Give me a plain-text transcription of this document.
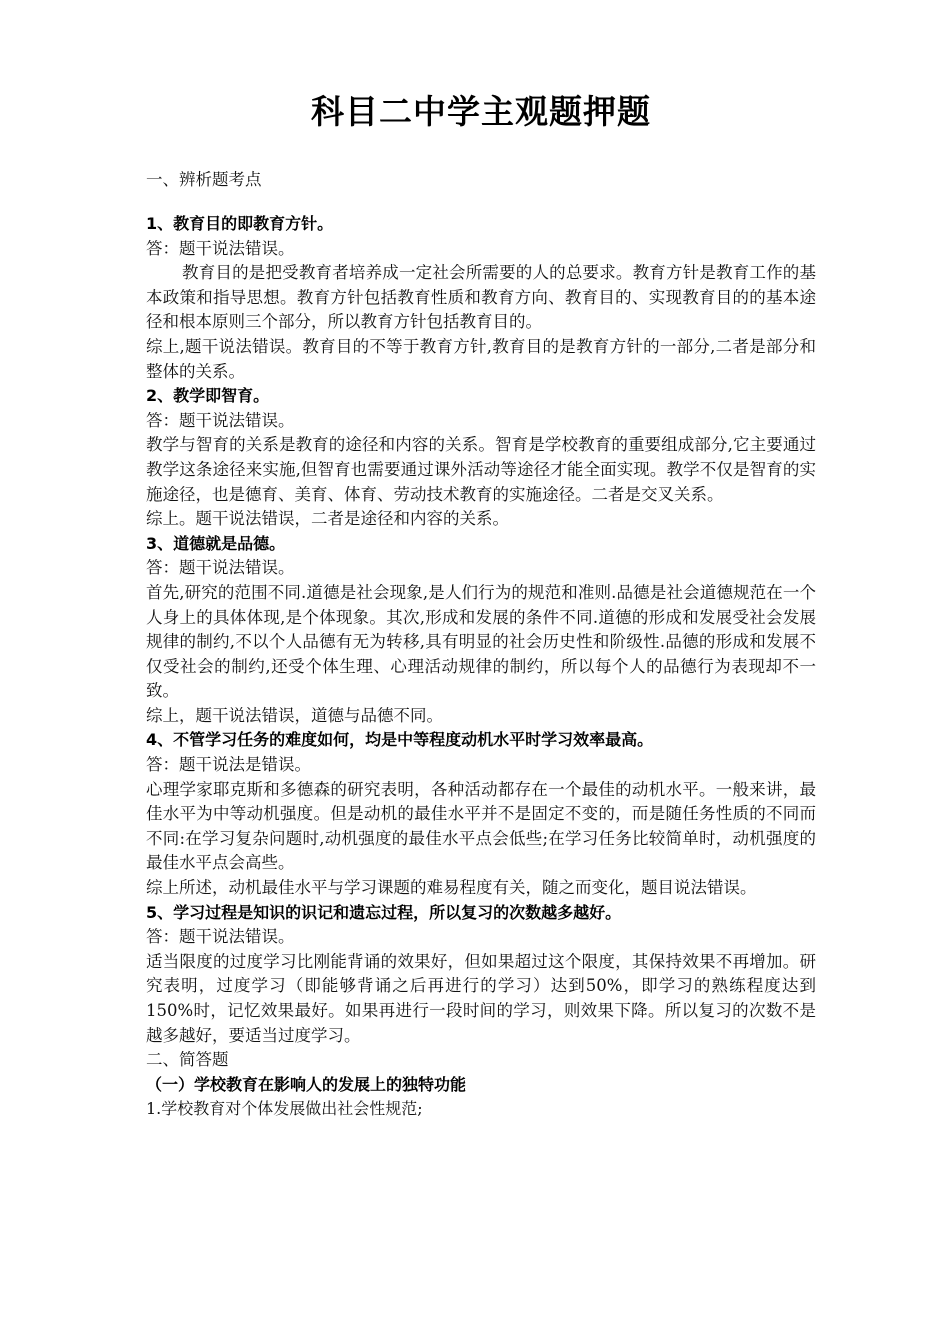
科目二中学主观题押题

一、辨析题考点

1、教育目的即教育方针。

答：题干说法错误。

教育目的是把受教育者培养成一定社会所需要的人的总要求。教育方针是教育工作的基本政策和指导思想。教育方针包括教育性质和教育方向、教育目的、实现教育目的的基本途径和根本原则三个部分，所以教育方针包括教育目的。

综上,题干说法错误。教育目的不等于教育方针,教育目的是教育方针的一部分,二者是部分和整体的关系。

2、教学即智育。

答：题干说法错误。

教学与智育的关系是教育的途径和内容的关系。智育是学校教育的重要组成部分,它主要通过教学这条途径来实施,但智育也需要通过课外活动等途径才能全面实现。教学不仅是智育的实施途径，也是德育、美育、体育、劳动技术教育的实施途径。二者是交叉关系。

综上。题干说法错误，二者是途径和内容的关系。

3、道德就是品德。

答：题干说法错误。

首先,研究的范围不同.道德是社会现象,是人们行为的规范和准则.品德是社会道德规范在一个人身上的具体体现,是个体现象。其次,形成和发展的条件不同.道德的形成和发展受社会发展规律的制约,不以个人品德有无为转移,具有明显的社会历史性和阶级性.品德的形成和发展不仅受社会的制约,还受个体生理、心理活动规律的制约，所以每个人的品德行为表现却不一致。

综上，题干说法错误，道德与品德不同。

4、不管学习任务的难度如何，均是中等程度动机水平时学习效率最高。

答：题干说法是错误。

心理学家耶克斯和多德森的研究表明，各种活动都存在一个最佳的动机水平。一般来讲，最佳水平为中等动机强度。但是动机的最佳水平并不是固定不变的，而是随任务性质的不同而不同:在学习复杂问题时,动机强度的最佳水平点会低些;在学习任务比较简单时，动机强度的最佳水平点会高些。

综上所述，动机最佳水平与学习课题的难易程度有关，随之而变化，题目说法错误。

5、学习过程是知识的识记和遗忘过程，所以复习的次数越多越好。

答：题干说法错误。

适当限度的过度学习比刚能背诵的效果好，但如果超过这个限度，其保持效果不再增加。研究表明，过度学习（即能够背诵之后再进行的学习）达到50%，即学习的熟练程度达到 150%时，记忆效果最好。如果再进行一段时间的学习，则效果下降。所以复习的次数不是越多越好，要适当过度学习。

二、简答题

（一）学校教育在影响人的发展上的独特功能

1.学校教育对个体发展做出社会性规范;
